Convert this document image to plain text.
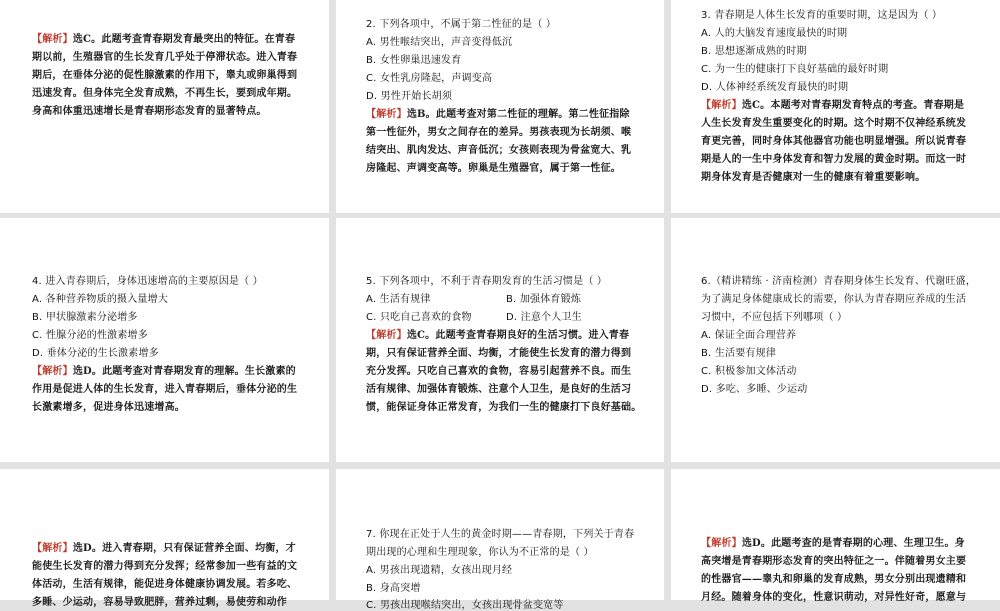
【解析】选C。此题考查青春期发育最突出的特征。在青春
期以前，生殖器官的生长发育几乎处于停滞状态。进入青春
期后，在垂体分泌的促性腺激素的作用下，睾丸或卵巢得到
迅速发育。但身体完全发育成熟，不再生长，要到成年期。
身高和体重迅速增长是青春期形态发育的显著特点。
2. 下列各项中，不属于第二性征的是（ ）
A. 男性喉结突出，声音变得低沉
B. 女性卵巢迅速发育
C. 女性乳房隆起，声调变高
D. 男性开始长胡须
【解析】选B。此题考查对第二性征的理解。第二性征指除
第一性征外，男女之间存在的差异。男孩表现为长胡须、喉
结突出、肌肉发达、声音低沉；女孩则表现为骨盆宽大、乳
房隆起、声调变高等。卵巢是生殖器官，属于第一性征。
3. 青春期是人体生长发育的重要时期，这是因为（ ）
A. 人的大脑发育速度最快的时期
B. 思想逐渐成熟的时期
C. 为一生的健康打下良好基础的最好时期
D. 人体神经系统发育最快的时期
【解析】选C。本题考对青春期发育特点的考查。青春期是
人生长发育发生重要变化的时期。这个时期不仅神经系统发
育更完善，同时身体其他器官功能也明显增强。所以说青春
期是人的一生中身体发育和智力发展的黄金时期。而这一时
期身体发育是否健康对一生的健康有着重要影响。
4. 进入青春期后，身体迅速增高的主要原因是（ ）
A. 各种营养物质的摄入量增大
B. 甲状腺激素分泌增多
C. 性腺分泌的性激素增多
D. 垂体分泌的生长激素增多
【解析】选D。此题考查对青春期发育的理解。生长激素的
作用是促进人体的生长发育，进入青春期后，垂体分泌的生
长激素增多，促进身体迅速增高。
5. 下列各项中，不利于青春期发育的生活习惯是（ ）
A. 生活有规律	B. 加强体育锻炼
C. 只吃自己喜欢的食物	D. 注意个人卫生
【解析】选C。此题考查青春期良好的生活习惯。进入青春
期，只有保证营养全面、均衡，才能使生长发育的潜力得到
充分发挥。只吃自己喜欢的食物，容易引起营养不良。而生
活有规律、加强体育锻炼、注意个人卫生，是良好的生活习
惯，能保证身体正常发育，为我们一生的健康打下良好基础。
6.（精讲精练 · 济南检测）青春期身体生长发育、代谢旺盛，
为了满足身体健康成长的需要，你认为青春期应养成的生活
习惯中，不应包括下列哪项（ ）
A. 保证全面合理营养
B. 生活要有规律
C. 积极参加文体活动
D. 多吃、多睡、少运动
【解析】选D。进入青春期，只有保证营养全面、均衡，才
能使生长发育的潜力得到充分发挥；经常参加一些有益的文
体活动，生活有规律，能促进身体健康协调发展。若多吃、
多睡、少运动，容易导致肥胖，营养过剩，易使劳和动作
7. 你现在正处于人生的黄金时期——青春期，下列关于青春
期出现的心理和生理现象，你认为不正常的是（ ）
A. 男孩出现遗精，女孩出现月经
B. 身高突增
C. 男孩出现喉结突出，女孩出现骨盆变宽等
【解析】选D。此题考查的是青春期的心理、生理卫生。身
高突增是青春期形态发育的突出特征之一。伴随着男女主要
的性器官——睾丸和卵巢的发育成熟，男女分别出现遗精和
月经。随着身体的变化，性意识萌动，对异性好奇，愿意与
